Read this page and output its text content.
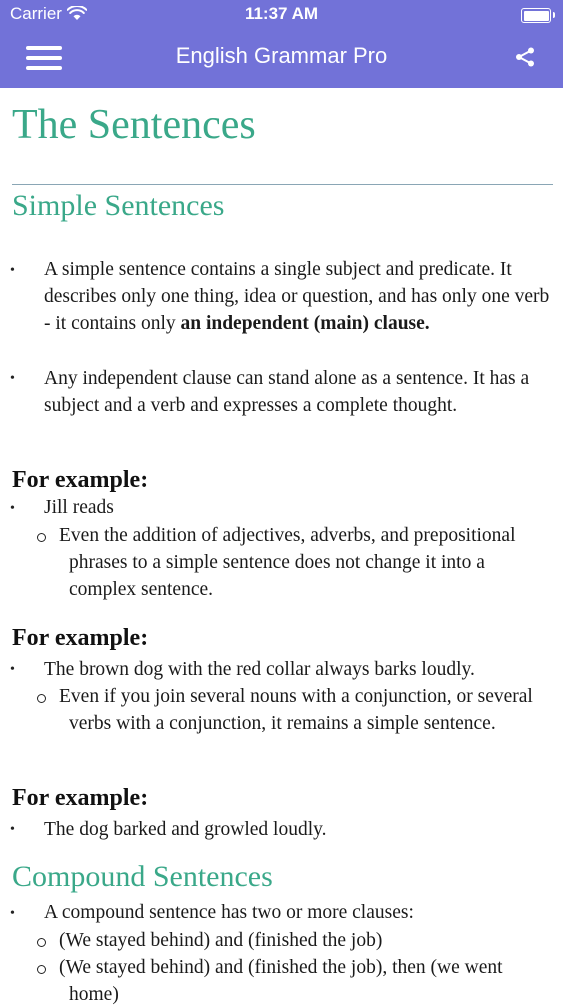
Carrier	11:37 AM
English Grammar Pro
The Sentences
Simple Sentences
• A simple sentence contains a single subject and predicate. It describes only one thing, idea or question, and has only one verb - it contains only an independent (main) clause.

• Any independent clause can stand alone as a sentence. It has a subject and a verb and expresses a complete thought.

For example:
• Jill reads

Even the addition of adjectives, adverbs, and prepositional phrases to a simple sentence does not change it into a complex sentence.

For example:
• The brown dog with the red collar always barks loudly.

Even if you join several nouns with a conjunction, or several verbs with a conjunction, it remains a simple sentence.

For example:
• The dog barked and growled loudly.

Compound Sentences
• A compound sentence has two or more clauses:

(We stayed behind) and (finished the job)

(We stayed behind) and (finished the job), then (we went home)
